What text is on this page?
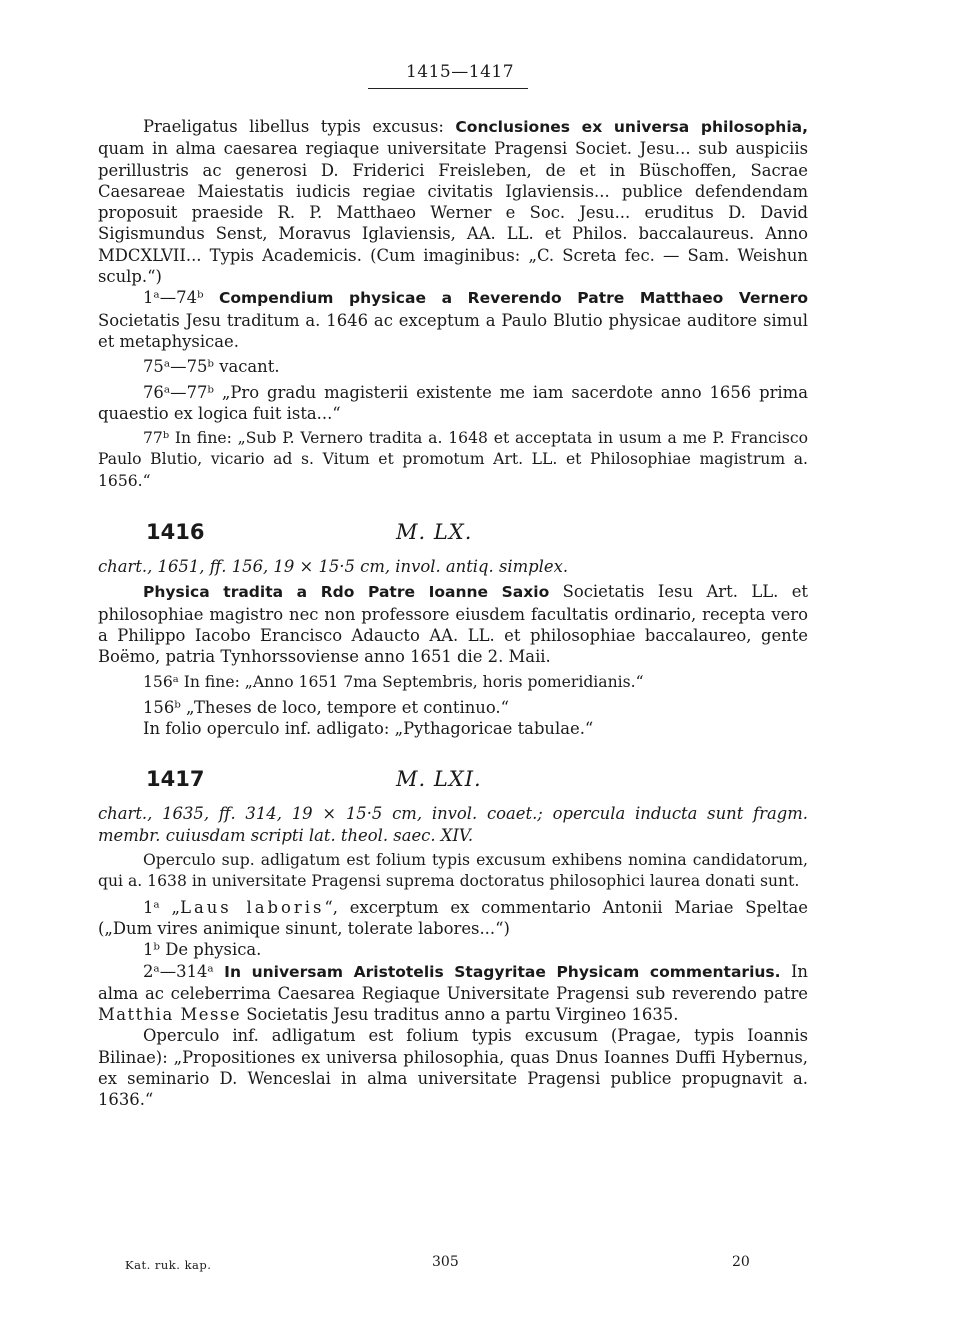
1415—1417

Praeligatus libellus typis excusus: Conclusiones ex universa philosophia, quam in alma caesarea regiaque universitate Pragensi Societ. Jesu... sub auspiciis perillustris ac generosi D. Friderici Freisleben, de et in Büschoffen, Sacrae Caesareae Maiestatis iudicis regiae civitatis Iglaviensis... publice defendendam proposuit praeside R. P. Matthaeo Werner e Soc. Jesu... eruditus D. David Sigismundus Senst, Moravus Iglaviensis, AA. LL. et Philos. baccalaureus. Anno MDCXLVII... Typis Academicis. (Cum imaginibus: „C. Screta fec. — Sam. Weishun sculp.“)

1ᵃ—74ᵇ Compendium physicae a Reverendo Patre Matthaeo Vernero Societatis Jesu traditum a. 1646 ac exceptum a Paulo Blutio physicae auditore simul et metaphysicae.

75ᵃ—75ᵇ vacant.

76ᵃ—77ᵇ „Pro gradu magisterii existente me iam sacerdote anno 1656 prima quaestio ex logica fuit ista...“

77ᵇ In fine: „Sub P. Vernero tradita a. 1648 et acceptata in usum a me P. Francisco Paulo Blutio, vicario ad s. Vitum et promotum Art. LL. et Philosophiae magistrum a. 1656.“

1416	M. LX.

chart., 1651, ff. 156, 19 × 15·5 cm, invol. antiq. simplex.

Physica tradita a Rdo Patre Ioanne Saxio Societatis Iesu Art. LL. et philosophiae magistro nec non professore eiusdem facultatis ordinario, recepta vero a Philippo Iacobo Erancisco Adaucto AA. LL. et philosophiae baccalaureo, gente Boëmo, patria Tynhorssoviense anno 1651 die 2. Maii.

156ᵃ In fine: „Anno 1651 7ma Septembris, horis pomeridianis.“

156ᵇ „Theses de loco, tempore et continuo.“

In folio operculo inf. adligato: „Pythagoricae tabulae.“

1417	M. LXI.

chart., 1635, ff. 314, 19 × 15·5 cm, invol. coaet.; opercula inducta sunt fragm. membr. cuiusdam scripti lat. theol. saec. XIV.

Operculo sup. adligatum est folium typis excusum exhibens nomina candidatorum, qui a. 1638 in universitate Pragensi suprema doctoratus philosophici laurea donati sunt.

1ᵃ „Laus laboris“, excerptum ex commentario Antonii Mariae Speltae („Dum vires animique sinunt, tolerate labores...“)

1ᵇ De physica.

2ᵃ—314ᵃ In universam Aristotelis Stagyritae Physicam commentarius. In alma ac celeberrima Caesarea Regiaque Universitate Pragensi sub reverendo patre Matthia Messe Societatis Jesu traditus anno a partu Virgineo 1635.

Operculo inf. adligatum est folium typis excusum (Pragae, typis Ioannis Bilinae): „Propositiones ex universa philosophia, quas Dnus Ioannes Duffi Hybernus, ex seminario D. Wenceslai in alma universitate Pragensi publice propugnavit a. 1636.“

Kat. ruk. kap.	305	20
